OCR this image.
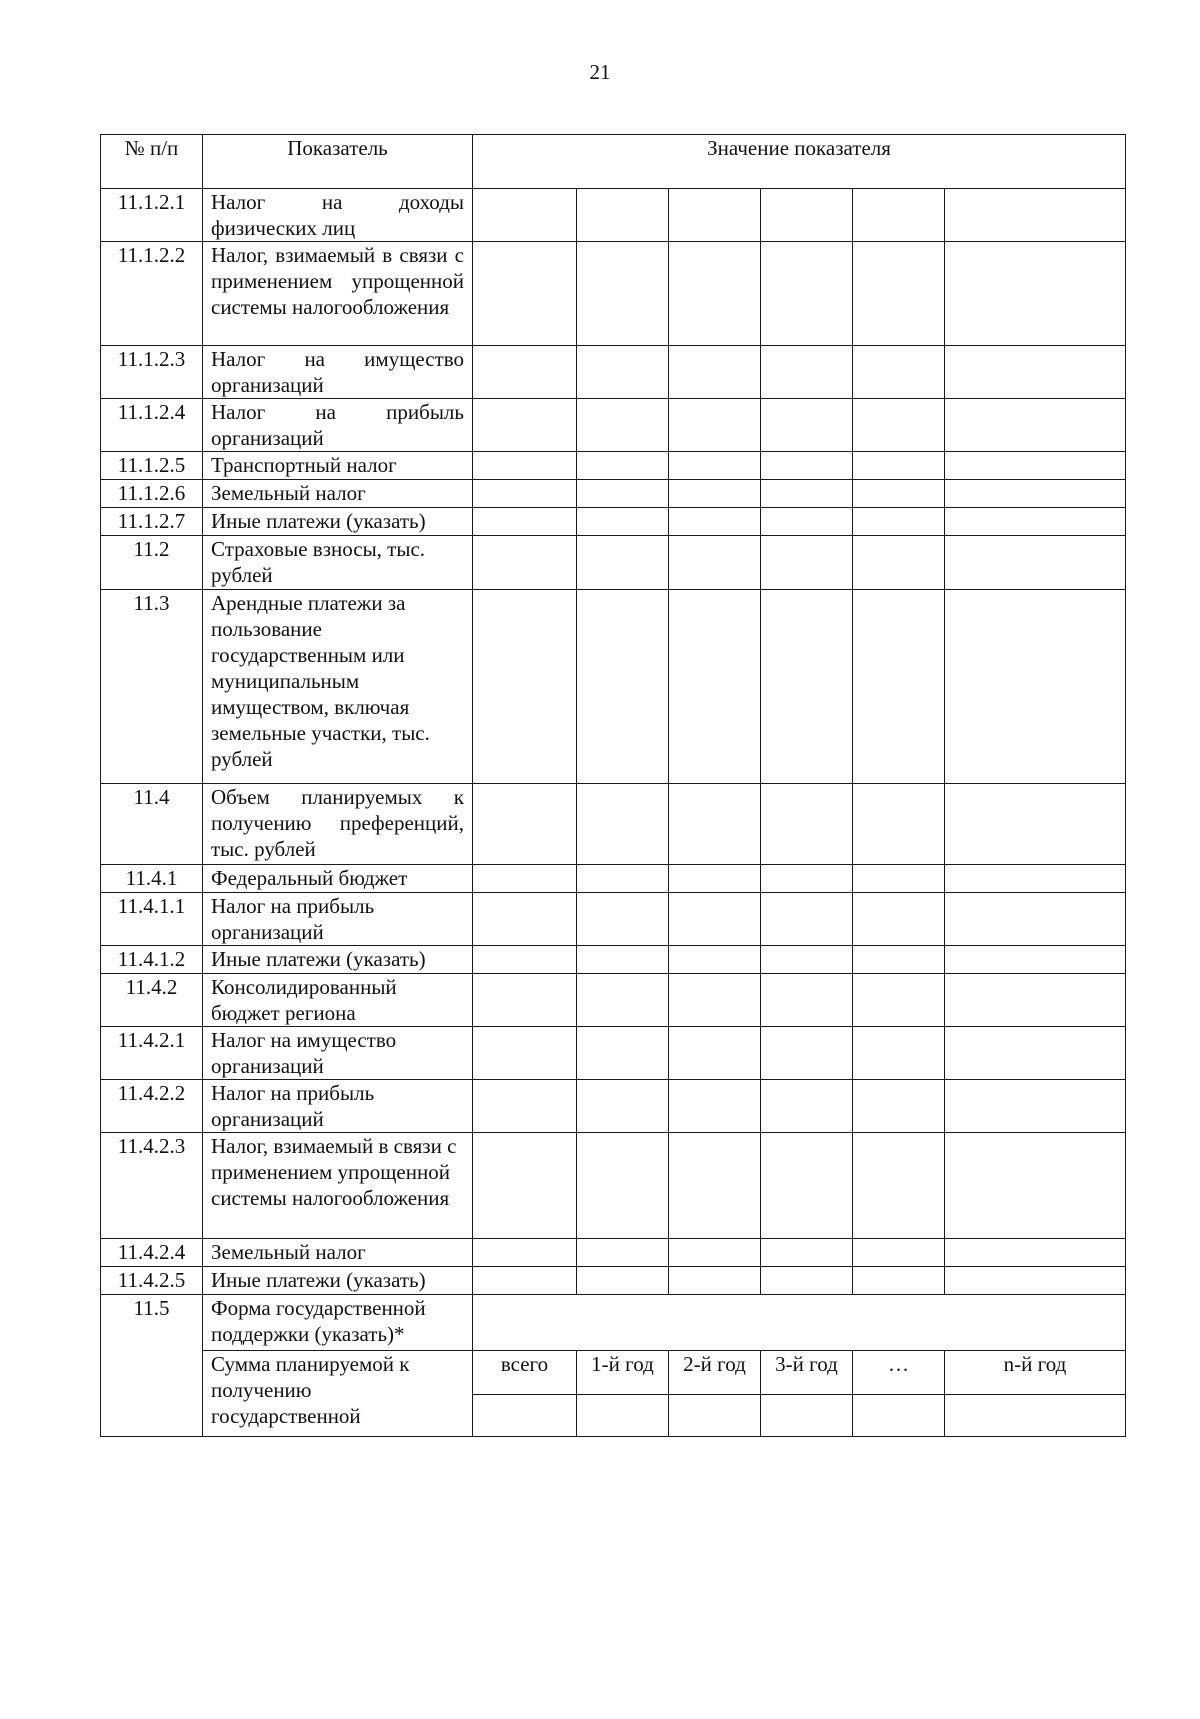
21
№ п/п	Показатель	Значение показателя					
11.1.2.1	Налог на доходы физических лиц						
11.1.2.2	Налог, взимаемый в связи с применением упрощенной системы налогообложения						
11.1.2.3	Налог на имущество организаций						
11.1.2.4	Налог на прибыль организаций						
11.1.2.5	Транспортный налог						
11.1.2.6	Земельный налог						
11.1.2.7	Иные платежи (указать)						
11.2	Страховые взносы, тыс. рублей						
11.3	Арендные платежи за пользование государственным или муниципальным имуществом, включая земельные участки, тыс. рублей						
11.4	Объем планируемых к получению преференций, тыс. рублей						
11.4.1	Федеральный бюджет						
11.4.1.1	Налог на прибыль организаций						
11.4.1.2	Иные платежи (указать)						
11.4.2	Консолидированный бюджет региона						
11.4.2.1	Налог на имущество организаций						
11.4.2.2	Налог на прибыль организаций						
11.4.2.3	Налог, взимаемый в связи с применением упрощенной системы налогообложения						
11.4.2.4	Земельный налог						
11.4.2.5	Иные платежи (указать)						
11.5	Форма государственной поддержки (указать)*						
	Сумма планируемой к получению государственной	всего	1-й год	2-й год	3-й год	…	n-й год
